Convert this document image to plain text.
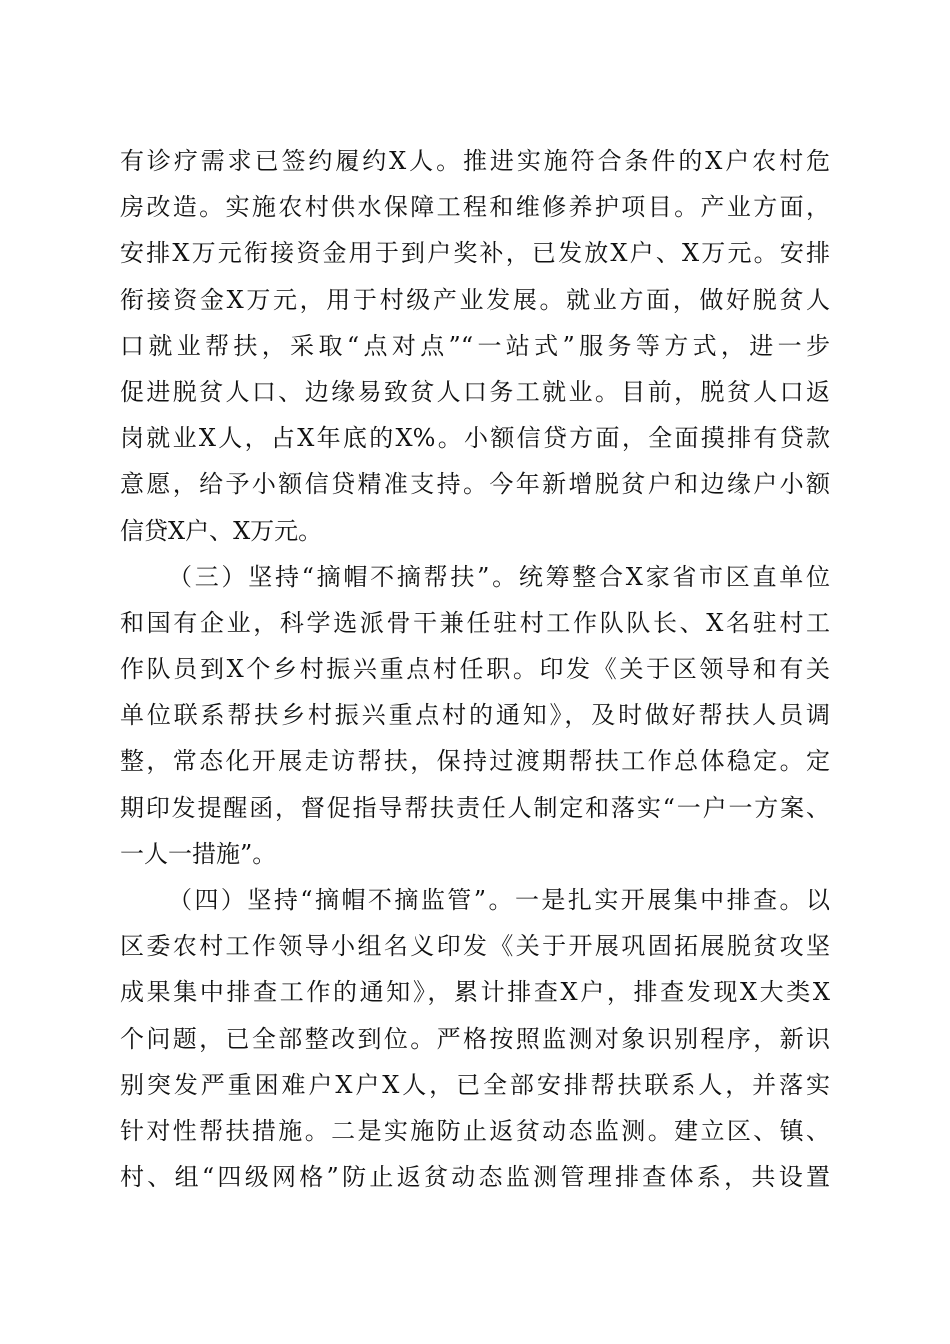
有诊疗需求已签约履约X人。推进实施符合条件的X户农村危
房改造。实施农村供水保障工程和维修养护项目。产业方面，
安排X万元衔接资金用于到户奖补，已发放X户、X万元。安排
衔接资金X万元，用于村级产业发展。就业方面，做好脱贫人
口就业帮扶，采取“点对点”“一站式”服务等方式，进一步
促进脱贫人口、边缘易致贫人口务工就业。目前，脱贫人口返
岗就业X人，占X年底的X%。小额信贷方面，全面摸排有贷款
意愿，给予小额信贷精准支持。今年新增脱贫户和边缘户小额
信贷X户、X万元。
（三）坚持“摘帽不摘帮扶”。统筹整合X家省市区直单位
和国有企业，科学选派骨干兼任驻村工作队队长、X名驻村工
作队员到X个乡村振兴重点村任职。印发《关于区领导和有关
单位联系帮扶乡村振兴重点村的通知》，及时做好帮扶人员调
整，常态化开展走访帮扶，保持过渡期帮扶工作总体稳定。定
期印发提醒函，督促指导帮扶责任人制定和落实“一户一方案、
一人一措施”。
（四）坚持“摘帽不摘监管”。一是扎实开展集中排查。以
区委农村工作领导小组名义印发《关于开展巩固拓展脱贫攻坚
成果集中排查工作的通知》，累计排查X户，排查发现X大类X
个问题，已全部整改到位。严格按照监测对象识别程序，新识
别突发严重困难户X户X人，已全部安排帮扶联系人，并落实
针对性帮扶措施。二是实施防止返贫动态监测。建立区、镇、
村、组“四级网格”防止返贫动态监测管理排查体系，共设置
